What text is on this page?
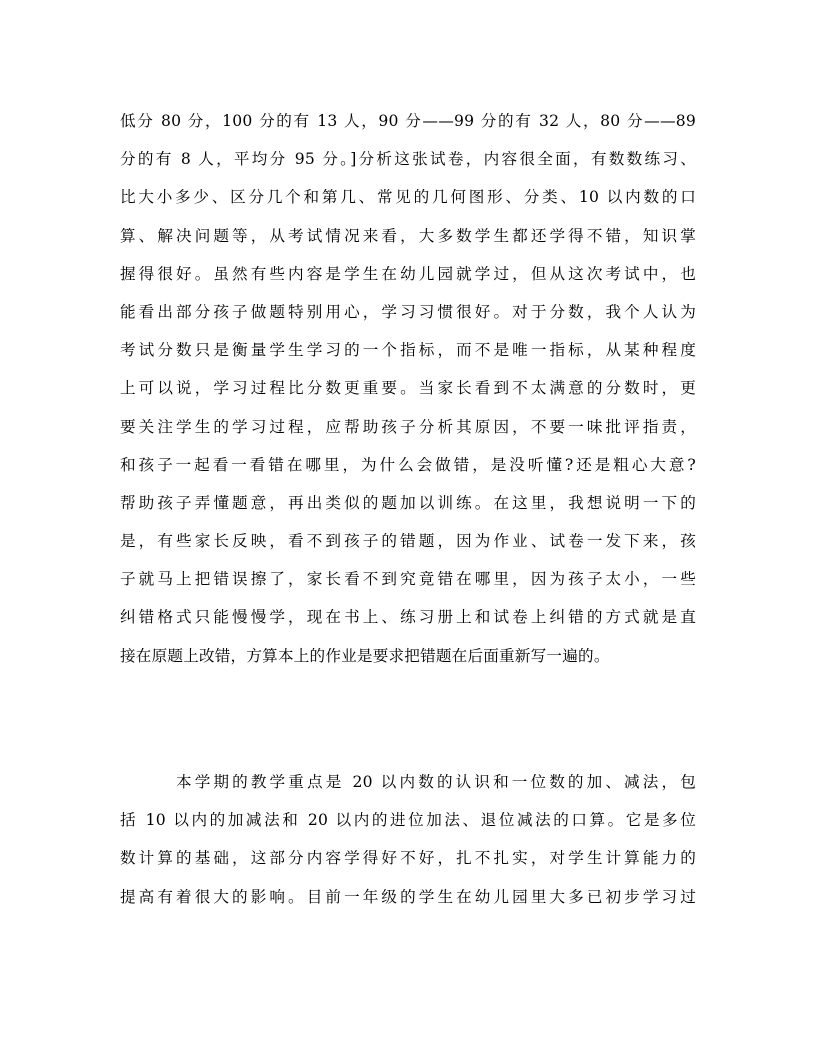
低分 80 分，100 分的有 13 人，90 分——99 分的有 32 人，80 分——89
分的有 8 人，平均分 95 分。]分析这张试卷，内容很全面，有数数练习、
比大小多少、区分几个和第几、常见的几何图形、分类、10 以内数的口
算、解决问题等，从考试情况来看，大多数学生都还学得不错，知识掌
握得很好。虽然有些内容是学生在幼儿园就学过，但从这次考试中，也
能看出部分孩子做题特别用心，学习习惯很好。对于分数，我个人认为
考试分数只是衡量学生学习的一个指标，而不是唯一指标，从某种程度
上可以说，学习过程比分数更重要。当家长看到不太满意的分数时，更
要关注学生的学习过程，应帮助孩子分析其原因，不要一味批评指责，
和孩子一起看一看错在哪里，为什么会做错，是没听懂?还是粗心大意?
帮助孩子弄懂题意，再出类似的题加以训练。在这里，我想说明一下的
是，有些家长反映，看不到孩子的错题，因为作业、试卷一发下来，孩
子就马上把错误擦了，家长看不到究竟错在哪里，因为孩子太小，一些
纠错格式只能慢慢学，现在书上、练习册上和试卷上纠错的方式就是直
接在原题上改错，方算本上的作业是要求把错题在后面重新写一遍的。
本学期的教学重点是 20 以内数的认识和一位数的加、减法，包
括 10 以内的加减法和 20 以内的进位加法、退位减法的口算。它是多位
数计算的基础，这部分内容学得好不好，扎不扎实，对学生计算能力的
提高有着很大的影响。目前一年级的学生在幼儿园里大多已初步学习过
